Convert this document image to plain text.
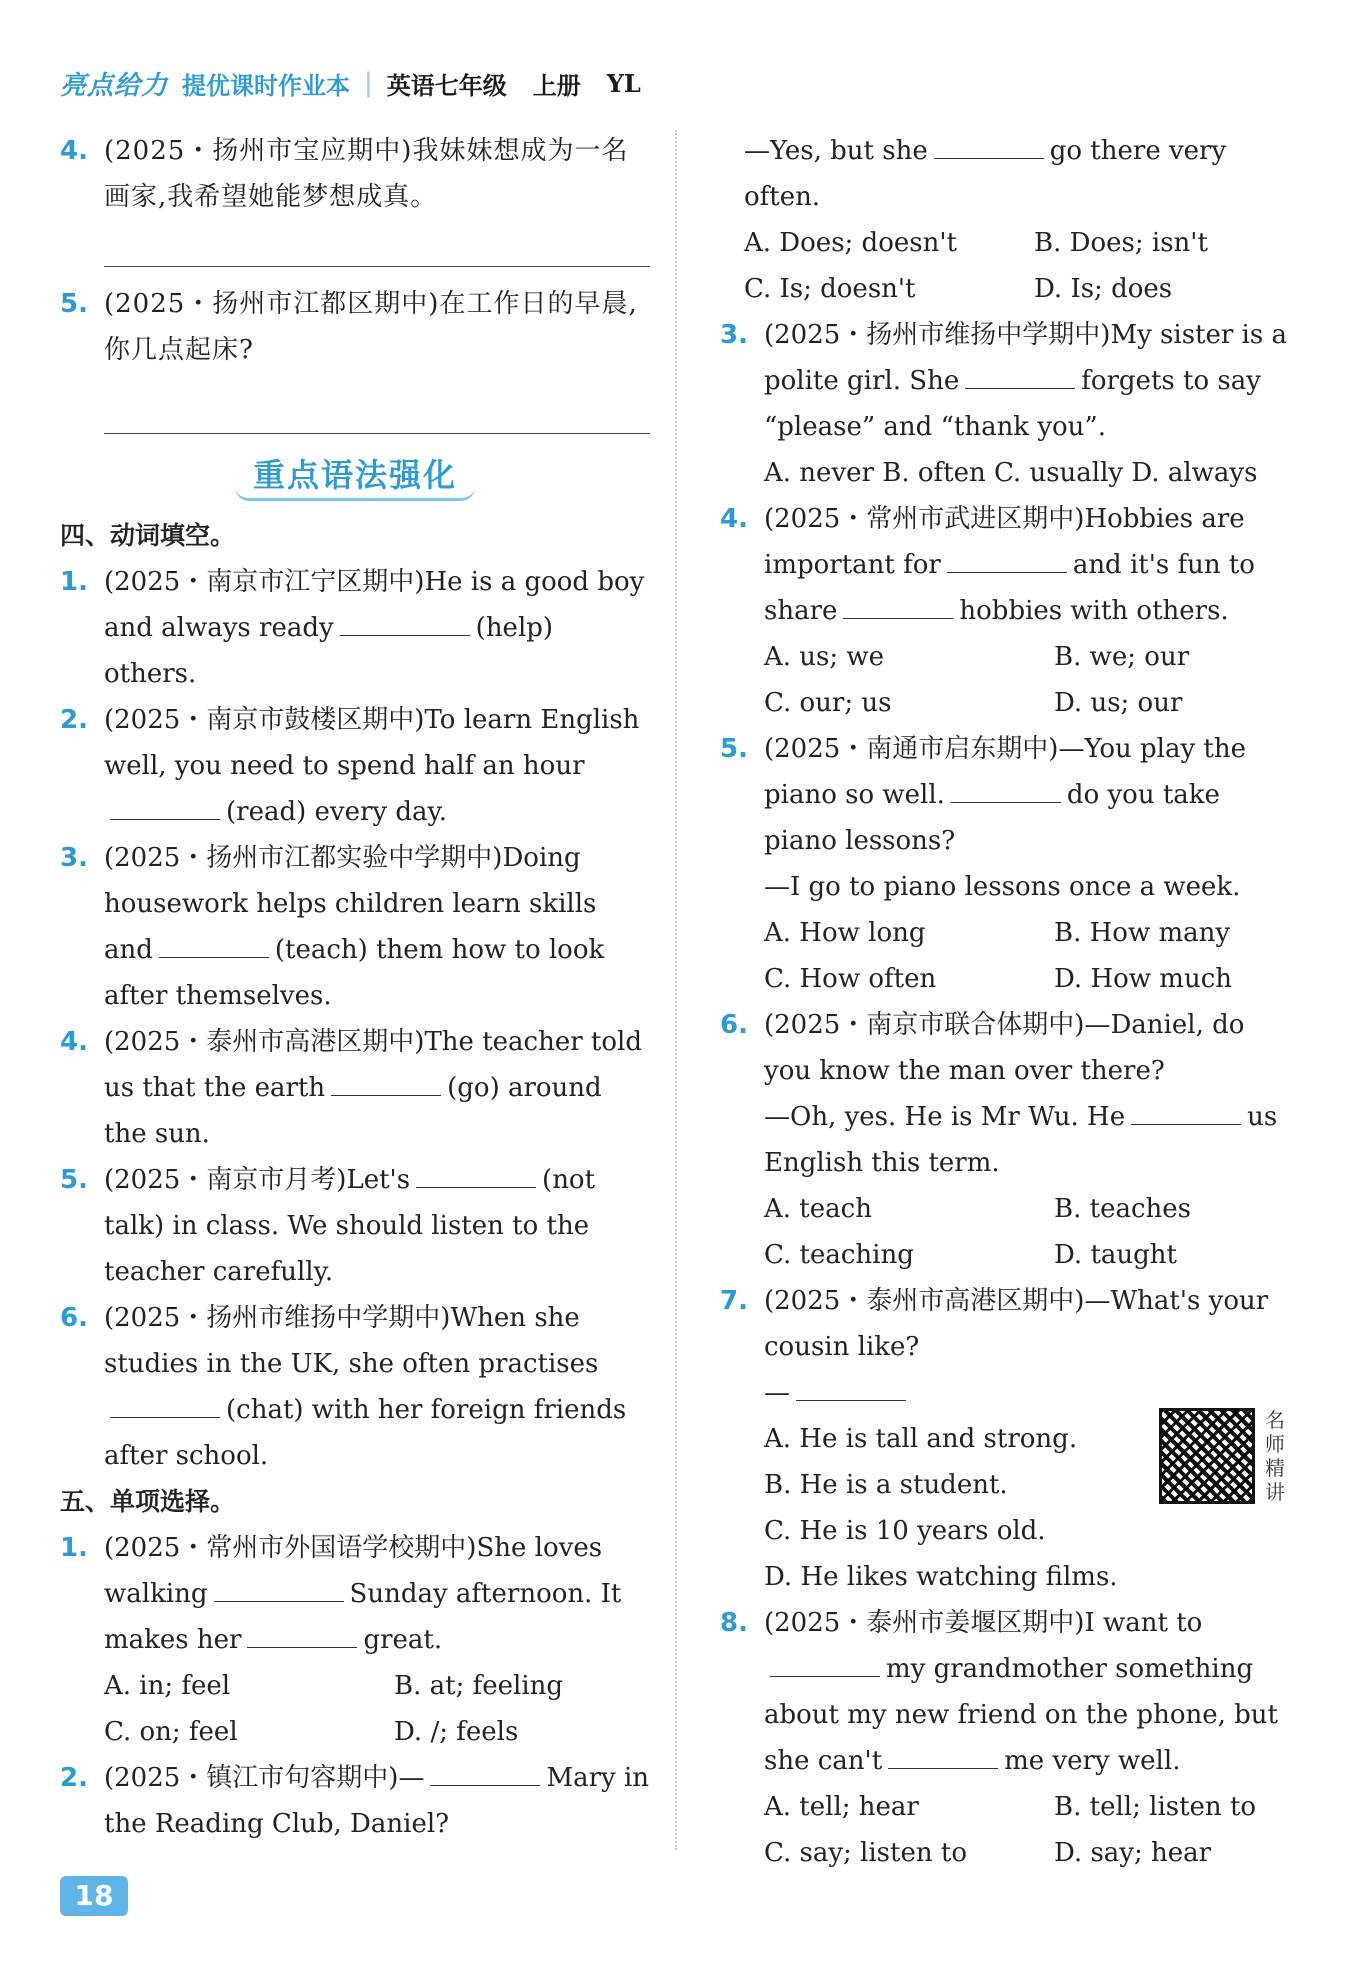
亮点给力 提优课时作业本 | 英语七年级 上册 YL
4. (2025・扬州市宝应期中)我妹妹想成为一名画家,我希望她能梦想成真。
5. (2025・扬州市江都区期中)在工作日的早晨,你几点起床?
重点语法强化
四、动词填空。
1. (2025・南京市江宁区期中)He is a good boy and always ready	(help) others.
2. (2025・南京市鼓楼区期中)To learn English well, you need to spend half an hour(read) every day.
3. (2025・扬州市江都实验中学期中)Doing housework helps children learn skills and	(teach) them how to look after themselves.
4. (2025・泰州市高港区期中)The teacher told us that the earth	(go) around the sun.
5. (2025・南京市月考)Let's	(not talk) in class. We should listen to the teacher carefully.
6. (2025・扬州市维扬中学期中)When she studies in the UK, she often practises(chat) with her foreign friends after school.
五、单项选择。
1. (2025・常州市外国语学校期中)She loves walking	Sunday afternoon. It makes her	great.
A. in; feel	B. at; feeling
C. on; feel	D. /; feels
2. (2025・镇江市句容期中)—	Mary in the Reading Club, Daniel?
—Yes, but she	go there very often.
A. Does; doesn't	B. Does; isn't
C. Is; doesn't	D. Is; does
3. (2025・扬州市维扬中学期中)My sister is a polite girl. She	forgets to say “please” and “thank you”.
A. never B. often C. usually D. always
4. (2025・常州市武进区期中)Hobbies are important for	and it's fun to share	hobbies with others.
A. us; we	B. we; our
C. our; us	D. us; our
5. (2025・南通市启东期中)—You play the piano so well.	do you take piano lessons?
—I go to piano lessons once a week.
A. How long	B. How many
C. How often	D. How much
6. (2025・南京市联合体期中)—Daniel, do you know the man over there?
—Oh, yes. He is Mr Wu. He	us English this term.
A. teach	B. teaches
C. teaching	D. taught
7. (2025・泰州市高港区期中)—What's your cousin like?
—
A. He is tall and strong.
B. He is a student.
C. He is 10 years old.
D. He likes watching films.
名师精讲
8. (2025・泰州市姜堰区期中)I want tomy grandmother something about my new friend on the phone, but she can't	me very well.
A. tell; hear	B. tell; listen to
C. say; listen to	D. say; hear
18
